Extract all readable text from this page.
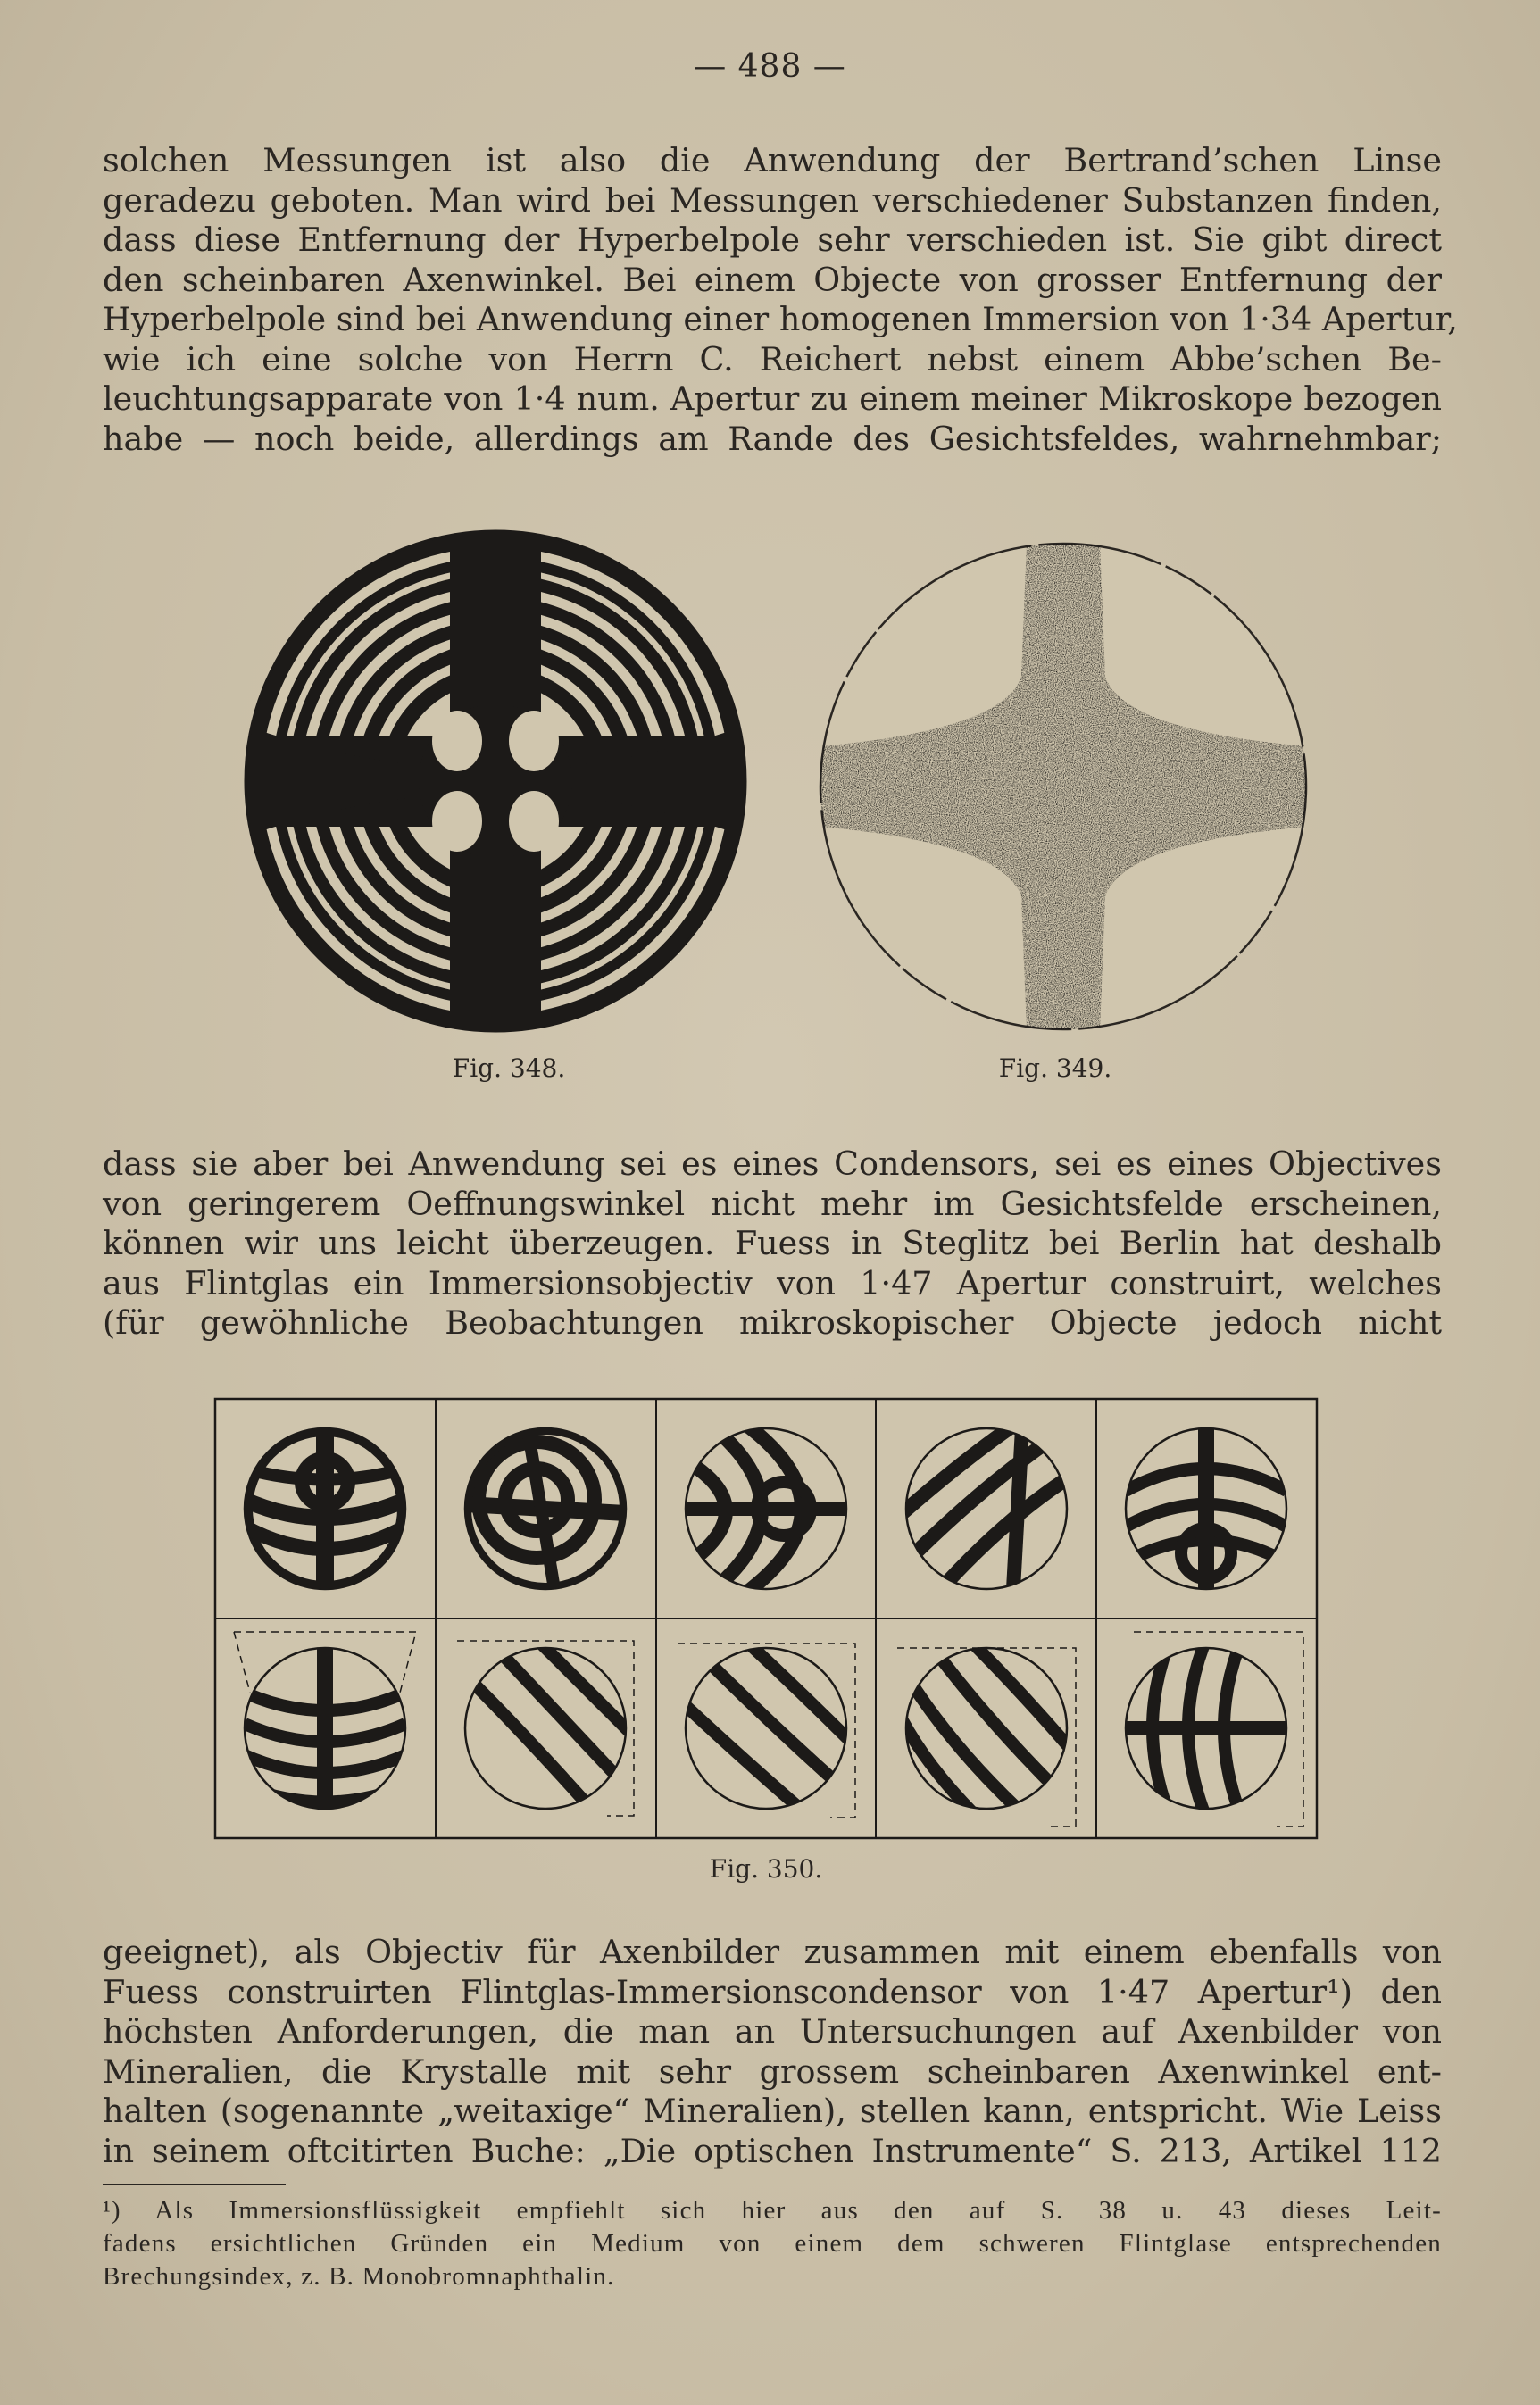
— 488 —
solchen Messungen ist also die Anwendung der Bertrand’schen Linse
geradezu geboten. Man wird bei Messungen verschiedener Substanzen finden,
dass diese Entfernung der Hyperbelpole sehr verschieden ist. Sie gibt direct
den scheinbaren Axenwinkel. Bei einem Objecte von grosser Entfernung der
Hyperbelpole sind bei Anwendung einer homogenen Immersion von 1·34 Apertur,
wie ich eine solche von Herrn C. Reichert nebst einem Abbe’schen Be-
leuchtungsapparate von 1·4 num. Apertur zu einem meiner Mikroskope bezogen
habe — noch beide, allerdings am Rande des Gesichtsfeldes, wahrnehmbar;
Fig. 348.	Fig. 349.
dass sie aber bei Anwendung sei es eines Condensors, sei es eines Objectives
von geringerem Oeffnungswinkel nicht mehr im Gesichtsfelde erscheinen,
können wir uns leicht überzeugen. Fuess in Steglitz bei Berlin hat deshalb
aus Flintglas ein Immersionsobjectiv von 1·47 Apertur construirt, welches
(für gewöhnliche Beobachtungen mikroskopischer Objecte jedoch nicht
Fig. 350.
geeignet), als Objectiv für Axenbilder zusammen mit einem ebenfalls von
Fuess construirten Flintglas-Immersionscondensor von 1·47 Apertur¹) den
höchsten Anforderungen, die man an Untersuchungen auf Axenbilder von
Mineralien, die Krystalle mit sehr grossem scheinbaren Axenwinkel ent-
halten (sogenannte „weitaxige“ Mineralien), stellen kann, entspricht. Wie Leiss
in seinem oftcitirten Buche: „Die optischen Instrumente“ S. 213, Artikel 112
¹) Als Immersionsflüssigkeit empfiehlt sich hier aus den auf S. 38 u. 43 dieses Leit-
fadens ersichtlichen Gründen ein Medium von einem dem schweren Flintglase entsprechenden
Brechungsindex, z. B. Monobromnaphthalin.
